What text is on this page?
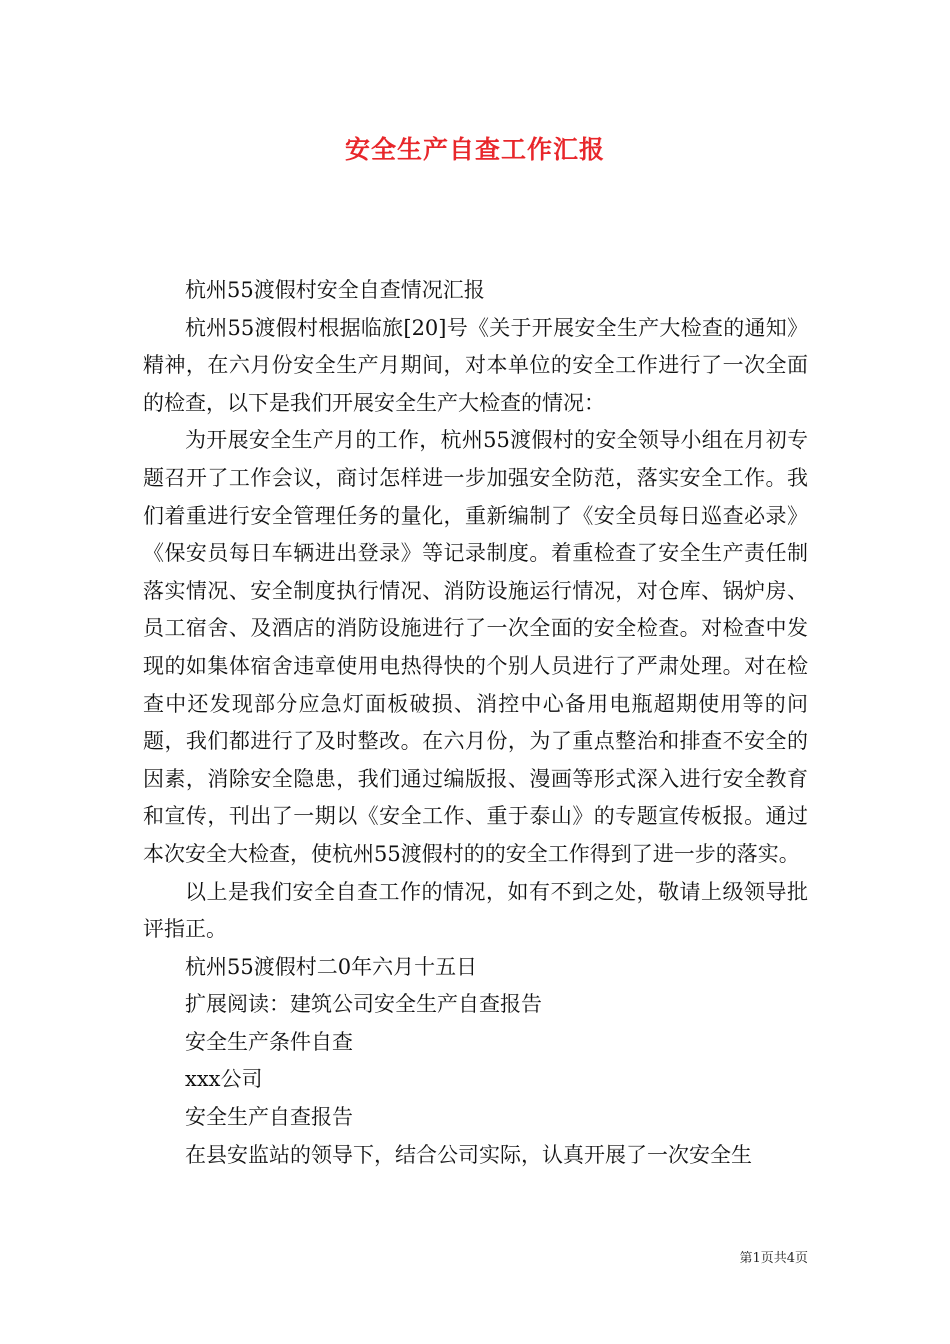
安全生产自查工作汇报

杭州55渡假村安全自查情况汇报

杭州55渡假村根据临旅[20]号《关于开展安全生产大检查的通知》精神，在六月份安全生产月期间，对本单位的安全工作进行了一次全面的检查，以下是我们开展安全生产大检查的情况：

为开展安全生产月的工作，杭州55渡假村的安全领导小组在月初专题召开了工作会议，商讨怎样进一步加强安全防范，落实安全工作。我们着重进行安全管理任务的量化，重新编制了《安全员每日巡查必录》《保安员每日车辆进出登录》等记录制度。着重检查了安全生产责任制落实情况、安全制度执行情况、消防设施运行情况，对仓库、锅炉房、员工宿舍、及酒店的消防设施进行了一次全面的安全检查。对检查中发现的如集体宿舍违章使用电热得快的个别人员进行了严肃处理。对在检查中还发现部分应急灯面板破损、消控中心备用电瓶超期使用等的问题，我们都进行了及时整改。在六月份，为了重点整治和排查不安全的因素，消除安全隐患，我们通过编版报、漫画等形式深入进行安全教育和宣传，刊出了一期以《安全工作、重于泰山》的专题宣传板报。通过本次安全大检查，使杭州55渡假村的的安全工作得到了进一步的落实。

以上是我们安全自查工作的情况，如有不到之处，敬请上级领导批评指正。

杭州55渡假村二0年六月十五日

扩展阅读：建筑公司安全生产自查报告

安全生产条件自查

xxx公司

安全生产自查报告

在县安监站的领导下，结合公司实际，认真开展了一次安全生

第1页共4页
